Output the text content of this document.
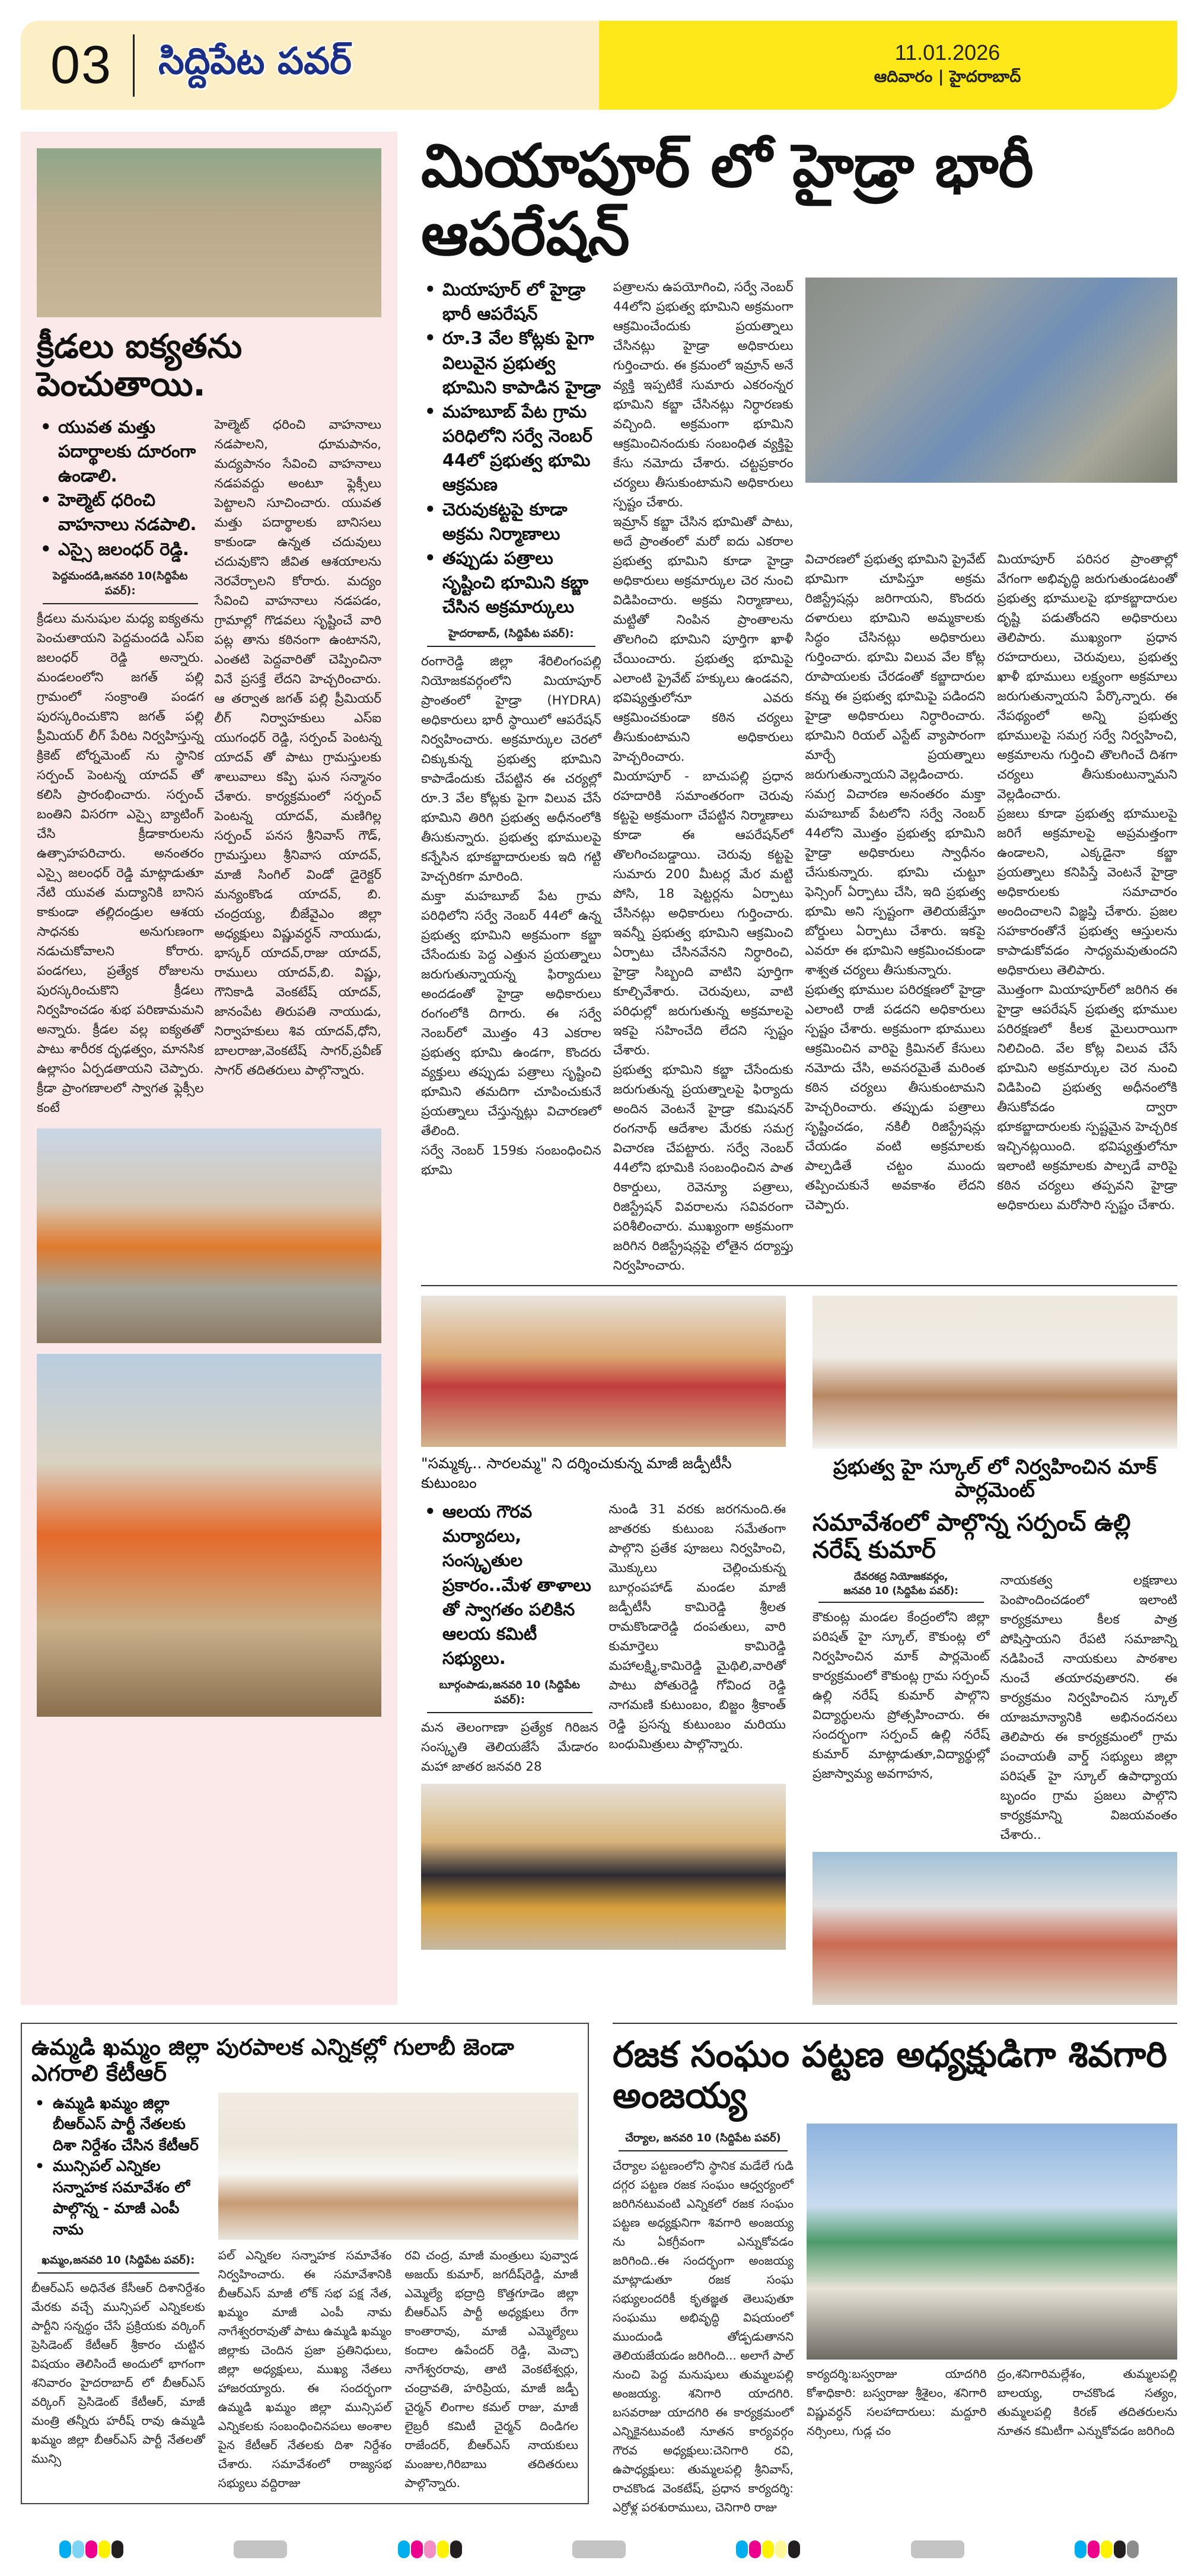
03 సిద్దిపేట పవర్	11.01.2026
ఆదివారం | హైదరాబాద్
క్రీడలు ఐక్యతను పెంచుతాయి.
• యువత మత్తు పదార్థాలకు దూరంగా ఉండాలి.
• హెల్మెట్ ధరించి వాహనాలు నడపాలి.
• ఎస్సై జలంధర్ రెడ్డి.
పెద్దమందడి,జనవరి 10(సిద్దిపేట పవర్):

క్రీడలు మనుషుల మధ్య ఐక్యతను పెంచుతాయని పెద్దమందడి ఎస్ఐ జలంధర్ రెడ్డి అన్నారు. మండలంలోని జగత్ పల్లి గ్రామంలో సంక్రాంతి పండగ పురస్కరించుకొని జగత్ పల్లి ప్రీమియర్ లీగ్ పేరిట నిర్వహిస్తున్న క్రికెట్ టోర్నమెంట్ ను స్థానిక సర్పంచ్ పెంటన్న యాదవ్ తో కలిసి ప్రారంభించారు. సర్పంచ్ బంతిని విసరగా ఎస్సై బ్యాటింగ్ చేసి క్రీడాకారులను ఉత్సాహపరిచారు. అనంతరం ఎస్సై జలంధర్ రెడ్డి మాట్లాడుతూ నేటి యువత మద్యానికి బానిస కాకుండా తల్లిదండ్రుల ఆశయ సాధనకు అనుగుణంగా నడుచుకోవాలని కోరారు. పండగలు, ప్రత్యేక రోజులను పురస్కరించుకొని క్రీడలు నిర్వహించడం శుభ పరిణామమని అన్నారు. క్రీడల వల్ల ఐక్యతతో పాటు శారీరక దృఢత్వం, మానసిక ఉల్లాసం ఏర్పడతాయని చెప్పారు. క్రీడా ప్రాంగణాలలో స్వాగత ఫ్లెక్సీల కంటే

హెల్మెట్ ధరించి వాహనాలు నడపాలని, ధూమపానం, మద్యపానం సేవించి వాహనాలు నడపవద్దు అంటూ ఫ్లెక్సీలు పెట్టాలని సూచించారు. యువత మత్తు పదార్థాలకు బానిసలు కాకుండా ఉన్నత చదువులు చదువుకొని జీవిత ఆశయాలను నెరవేర్చాలని కోరారు. మద్యం సేవించి వాహనాలు నడపడం, గ్రామాల్లో గొడవలు సృష్టించే వారి పట్ల తాను కఠినంగా ఉంటానని, ఎంతటి పెద్దవారితో చెప్పించినా వినే ప్రసక్తే లేదని హెచ్చరించారు. ఆ తర్వాత జగత్ పల్లి ప్రీమియర్ లీగ్ నిర్వాహకులు ఎస్ఐ యుగంధర్ రెడ్డి, సర్పంచ్ పెంటన్న యాదవ్ తో పాటు గ్రామస్తులకు శాలువాలు కప్పి ఘన సన్మానం చేశారు. కార్యక్రమంలో సర్పంచ్ పెంటన్న యాదవ్, మణిగిల్ల సర్పంచ్ పనస శ్రీనివాస్ గౌడ్, గ్రామస్తులు శ్రీనివాస యాదవ్, మాజీ సింగిల్ విండో డైరెక్టర్ మన్యంకొండ యాదవ్, బి. చంద్రయ్య, బీజేవైఎం జిల్లా అధ్యక్షులు విష్ణువర్ధన్ నాయుడు, భాస్కర్ యాదవ్,రాజు యాదవ్, రాములు యాదవ్,బి. విష్ణు, గౌనికాడి వెంకటేష్ యాదవ్, జానంపేట తిరుపతి నాయుడు, నిర్వాహకులు శివ యాదవ్,ధోని, బాలరాజు,వెంకటేష్ సాగర్,ప్రవీణ్ సాగర్ తదితరులు పాల్గొన్నారు.

మియాపూర్ లో హైడ్రా భారీ ఆపరేషన్
• మియాపూర్ లో హైడ్రా భారీ ఆపరేషన్
• రూ.3 వేల కోట్లకు పైగా విలువైన ప్రభుత్వ భూమిని కాపాడిన హైడ్రా
• మహబూబ్ పేట గ్రామ పరిధిలోని సర్వే నెంబర్ 44లో ప్రభుత్వ భూమి ఆక్రమణ
• చెరువుకట్టపై కూడా అక్రమ నిర్మాణాలు
• తప్పుడు పత్రాలు సృష్టించి భూమిని కబ్జా చేసిన అక్రమార్కులు
హైదరాబాద్, (సిద్దిపేట పవర్):

రంగారెడ్డి జిల్లా శేరిలింగంపల్లి నియోజకవర్గంలోని మియాపూర్ ప్రాంతంలో హైడ్రా (HYDRA) అధికారులు భారీ స్థాయిలో ఆపరేషన్ నిర్వహించారు. అక్రమార్కుల చెరలో చిక్కుకున్న ప్రభుత్వ భూమిని కాపాడేందుకు చేపట్టిన ఈ చర్యల్లో రూ.3 వేల కోట్లకు పైగా విలువ చేసే భూమిని తిరిగి ప్రభుత్వ అధీనంలోకి తీసుకున్నారు. ప్రభుత్వ భూములపై కన్నేసిన భూకబ్జాదారులకు ఇది గట్టి హెచ్చరికగా మారింది.
మక్తా మహబూబ్ పేట గ్రామ పరిధిలోని సర్వే నెంబర్ 44లో ఉన్న ప్రభుత్వ భూమిని అక్రమంగా కబ్జా చేసేందుకు పెద్ద ఎత్తున ప్రయత్నాలు జరుగుతున్నాయన్న ఫిర్యాదులు అందడంతో హైడ్రా అధికారులు రంగంలోకి దిగారు. ఈ సర్వే నెంబర్‌లో మొత్తం 43 ఎకరాల ప్రభుత్వ భూమి ఉండగా, కొందరు వ్యక్తులు తప్పుడు పత్రాలు సృష్టించి భూమిని తమదిగా చూపించుకునే ప్రయత్నాలు చేస్తున్నట్లు విచారణలో తేలింది.
సర్వే నెంబర్ 159కు సంబంధించిన భూమి

పత్రాలను ఉపయోగించి, సర్వే నెంబర్ 44లోని ప్రభుత్వ భూమిని అక్రమంగా ఆక్రమించేందుకు ప్రయత్నాలు చేసినట్లు హైడ్రా అధికారులు గుర్తించారు. ఈ క్రమంలో ఇమ్రాన్ అనే వ్యక్తి ఇప్పటికే సుమారు ఎకరంన్నర భూమిని కబ్జా చేసినట్లు నిర్ధారణకు వచ్చింది. అక్రమంగా భూమిని ఆక్రమించినందుకు సంబంధిత వ్యక్తిపై కేసు నమోదు చేశారు. చట్టప్రకారం చర్యలు తీసుకుంటామని అధికారులు స్పష్టం చేశారు.
ఇమ్రాన్ కబ్జా చేసిన భూమితో పాటు, అదే ప్రాంతంలో మరో ఐదు ఎకరాల ప్రభుత్వ భూమిని కూడా హైడ్రా అధికారులు అక్రమార్కుల చెర నుంచి విడిపించారు. అక్రమ నిర్మాణాలు, మట్టితో నింపిన ప్రాంతాలను తొలగించి భూమిని పూర్తిగా ఖాళీ చేయించారు. ప్రభుత్వ భూమిపై ఎలాంటి ప్రైవేట్ హక్కులు ఉండవని, భవిష్యత్తులోనూ ఎవరు ఆక్రమించకుండా కఠిన చర్యలు తీసుకుంటామని అధికారులు హెచ్చరించారు.
మియాపూర్ - బాచుపల్లి ప్రధాన రహదారికి సమాంతరంగా చెరువు కట్టపై అక్రమంగా చేపట్టిన నిర్మాణాలు కూడా ఈ ఆపరేషన్‌లో తొలగించబడ్డాయి. చెరువు కట్టపై సుమారు 200 మీటర్ల మేర మట్టి పోసి, 18 షెట్టర్లను ఏర్పాటు చేసినట్లు అధికారులు గుర్తించారు. ఇవన్నీ ప్రభుత్వ భూమిని ఆక్రమించి ఏర్పాటు చేసినవేనని నిర్ధారించి, హైడ్రా సిబ్బంది వాటిని పూర్తిగా కూల్చివేశారు. చెరువులు, వాటి పరిధుల్లో జరుగుతున్న అక్రమాలపై ఇకపై సహించేది లేదని స్పష్టం చేశారు.
ప్రభుత్వ భూమిని కబ్జా చేసేందుకు జరుగుతున్న ప్రయత్నాలపై ఫిర్యాదు అందిన వెంటనే హైడ్రా కమిషనర్ రంగనాథ్ ఆదేశాల మేరకు సమగ్ర విచారణ చేపట్టారు. సర్వే నెంబర్ 44లోని భూమికి సంబంధించిన పాత రికార్డులు, రెవెన్యూ పత్రాలు, రిజిస్ట్రేషన్ వివరాలను సవివరంగా పరిశీలించారు. ముఖ్యంగా అక్రమంగా జరిగిన రిజిస్ట్రేషన్లపై లోతైన దర్యాప్తు నిర్వహించారు.

విచారణలో ప్రభుత్వ భూమిని ప్రైవేట్ భూమిగా చూపిస్తూ అక్రమ రిజిస్ట్రేషన్లు జరిగాయని, కొందరు దళారులు భూమిని అమ్మకాలకు సిద్ధం చేసినట్లు అధికారులు గుర్తించారు. భూమి విలువ వేల కోట్ల రూపాయలకు చేరడంతో కబ్జాదారుల కన్ను ఈ ప్రభుత్వ భూమిపై పడిందని హైడ్రా అధికారులు నిర్ధారించారు. భూమిని రియల్ ఎస్టేట్ వ్యాపారంగా మార్చే ప్రయత్నాలు జరుగుతున్నాయని వెల్లడించారు.
సమగ్ర విచారణ అనంతరం మక్తా మహబూబ్ పేటలోని సర్వే నెంబర్ 44లోని మొత్తం ప్రభుత్వ భూమిని హైడ్రా అధికారులు స్వాధీనం చేసుకున్నారు. భూమి చుట్టూ ఫెన్సింగ్ ఏర్పాటు చేసి, ఇది ప్రభుత్వ భూమి అని స్పష్టంగా తెలియజేస్తూ బోర్డులు ఏర్పాటు చేశారు. ఇకపై ఎవరూ ఈ భూమిని ఆక్రమించకుండా శాశ్వత చర్యలు తీసుకున్నారు.
ప్రభుత్వ భూముల పరిరక్షణలో హైడ్రా ఎలాంటి రాజీ పడదని అధికారులు స్పష్టం చేశారు. అక్రమంగా భూములు ఆక్రమించిన వారిపై క్రిమినల్ కేసులు నమోదు చేసి, అవసరమైతే మరింత కఠిన చర్యలు తీసుకుంటామని హెచ్చరించారు. తప్పుడు పత్రాలు సృష్టించడం, నకిలీ రిజిస్ట్రేషన్లు చేయడం వంటి అక్రమాలకు పాల్పడితే చట్టం ముందు తప్పించుకునే అవకాశం లేదని చెప్పారు.

మియాపూర్ పరిసర ప్రాంతాల్లో వేగంగా అభివృద్ధి జరుగుతుండటంతో ప్రభుత్వ భూములపై భూకబ్జాదారుల దృష్టి పడుతోందని అధికారులు తెలిపారు. ముఖ్యంగా ప్రధాన రహదారులు, చెరువులు, ప్రభుత్వ ఖాళీ భూములు లక్ష్యంగా అక్రమాలు జరుగుతున్నాయని పేర్కొన్నారు. ఈ నేపథ్యంలో అన్ని ప్రభుత్వ భూములపై సమగ్ర సర్వే నిర్వహించి, అక్రమాలను గుర్తించి తొలగించే దిశగా చర్యలు తీసుకుంటున్నామని వెల్లడించారు.
ప్రజలు కూడా ప్రభుత్వ భూములపై జరిగే అక్రమాలపై అప్రమత్తంగా ఉండాలని, ఎక్కడైనా కబ్జా ప్రయత్నాలు కనిపిస్తే వెంటనే హైడ్రా అధికారులకు సమాచారం అందించాలని విజ్ఞప్తి చేశారు. ప్రజల సహకారంతోనే ప్రభుత్వ ఆస్తులను కాపాడుకోవడం సాధ్యమవుతుందని అధికారులు తెలిపారు.
మొత్తంగా మియాపూర్‌లో జరిగిన ఈ హైడ్రా ఆపరేషన్ ప్రభుత్వ భూముల పరిరక్షణలో కీలక మైలురాయిగా నిలిచింది. వేల కోట్ల విలువ చేసే భూమిని అక్రమార్కుల చెర నుంచి విడిపించి ప్రభుత్వ అధీనంలోకి తీసుకోవడం ద్వారా భూకబ్జాదారులకు స్పష్టమైన హెచ్చరిక ఇచ్చినట్లయింది. భవిష్యత్తులోనూ ఇలాంటి అక్రమాలకు పాల్పడే వారిపై కఠిన చర్యలు తప్పవని హైడ్రా అధికారులు మరోసారి స్పష్టం చేశారు.

"సమ్మక్క.. సారలమ్మ" ని దర్శించుకున్న మాజీ జడ్పీటీసీ కుటుంబం
• ఆలయ గౌరవ మర్యాదలు, సంస్కృతుల ప్రకారం..మేళ తాళాలు తో స్వాగతం పలికిన ఆలయ కమిటీ సభ్యులు.
బూర్గంపాడు,జనవరి 10 (సిద్దిపేట పవర్):

మన తెలంగాణా ప్రత్యేక గిరిజన సంస్కృతి తెలియజేసే మేడారం మహా జాతర జనవరి 28

నుండి 31 వరకు జరగనుంది.ఈ జాతరకు కుటుంబ సమేతంగా పాల్గొని ప్రతేక పూజలు నిర్వహించి, మొక్కులు చెల్లించుకున్న బూర్గంపహాడ్ మండల మాజీ జడ్పీటీసీ కామిరెడ్డి శ్రీలత రామకొండారెడ్డి దంపతులు, వారి కుమార్తెలు కామిరెడ్డి మహాలక్ష్మి,కామిరెడ్డి మైథిలి,వారితో పాటు పోతురెడ్డి గోవింద రెడ్డి నాగమణి కుటుంబం, బిజ్జం శ్రీకాంత్ రెడ్డి ప్రసన్న కుటుంబం మరియు బంధుమిత్రులు పాల్గొన్నారు.

ప్రభుత్వ హై స్కూల్ లో నిర్వహించిన మాక్ పార్లమెంట్
సమావేశంలో పాల్గొన్న సర్పంచ్ ఉల్లి నరేష్ కుమార్
దేవరకద్ర నియోజకవర్గం,
జనవరి 10 (సిద్దిపేట పవర్):

కౌకుంట్ల మండల కేంద్రంలోని జిల్లా పరిషత్ హై స్కూల్, కౌకుంట్ల లో నిర్వహించిన మాక్ పార్లమెంట్ కార్యక్రమంలో కౌకుంట్ల గ్రామ సర్పంచ్ ఉల్లి నరేష్ కుమార్ పాల్గొని విద్యార్థులను ప్రోత్సహించారు. ఈ సందర్భంగా సర్పంచ్ ఉల్లి నరేష్ కుమార్ మాట్లాడుతూ,విద్యార్థుల్లో ప్రజాస్వామ్య అవగాహన,

నాయకత్వ లక్షణాలు పెంపొందించడంలో ఇలాంటి కార్యక్రమాలు కీలక పాత్ర పోషిస్తాయని రేపటి సమాజాన్ని నడిపించే నాయకులు పాఠశాల నుంచే తయారవుతారని. ఈ కార్యక్రమం నిర్వహించిన స్కూల్ యాజమాన్యానికి అభినందనలు తెలిపారు ఈ కార్యక్రమంలో గ్రామ పంచాయతీ వార్డ్ సభ్యులు జిల్లా పరిషత్ హై స్కూల్ ఉపాధ్యాయ బృందం గ్రామ ప్రజలు పాల్గొని కార్యక్రమాన్ని విజయవంతం చేశారు..

ఉమ్మడి ఖమ్మం జిల్లా పురపాలక ఎన్నికల్లో గులాబీ జెండా ఎగరాలి కేటీఆర్
• ఉమ్మడి ఖమ్మం జిల్లా బీఆర్ఎస్ పార్టీ నేతలకు దిశా నిర్దేశం చేసిన కేటీఆర్
• మున్సిపల్ ఎన్నికల సన్నాహక సమావేశం లో పాల్గొన్న - మాజీ ఎంపీ నామ
ఖమ్మం,జనవరి 10 (సిద్దిపేట పవర్):

బీఆర్ఎస్ అధినేత కేసీఆర్ దిశానిర్దేశం మేరకు వచ్చే మున్సిపల్ ఎన్నికలకు పార్టీని సన్నద్ధం చేసే ప్రక్రియకు వర్కింగ్ ప్రెసిడెంట్ కేటీఆర్ శ్రీకారం చుట్టిన విషయం తెలిసిందే అందులో భాగంగా శనివారం హైదరాబాద్ లో బీఆర్ఎస్ వర్కింగ్ ప్రెసిడెంట్ కేటీఆర్, మాజీ మంత్రి తన్నీరు హరీష్ రావు ఉమ్మడి ఖమ్మం జిల్లా బీఆర్ఎస్ పార్టీ నేతలతో మున్సి

పల్ ఎన్నికల సన్నాహక సమావేశం నిర్వహించారు. ఈ సమావేశానికి బీఆర్ఎస్ మాజీ లోక్ సభ పక్ష నేత, ఖమ్మం మాజీ ఎంపీ నామ నాగేశ్వరరావుతో పాటు ఉమ్మడి ఖమ్మం జిల్లాకు చెందిన ప్రజా ప్రతినిధులు, జిల్లా అధ్యక్షులు, ముఖ్య నేతలు హాజరయ్యారు. ఈ సందర్భంగా ఉమ్మడి ఖమ్మం జిల్లా మున్సిపల్ ఎన్నికలకు సంబంధించినపలు అంశాల పైన కేటీఆర్ నేతలకు దిశా నిర్దేశం చేశారు. సమావేశంలో రాజ్యసభ సభ్యులు వద్దిరాజు

రవి చంద్ర, మాజీ మంత్రులు పువ్వాడ అజయ్ కుమార్, జగదీష్‌రెడ్డి, మాజీ ఎమ్మెల్యే భద్రాద్రి కొత్తగూడెం జిల్లా బీఆర్ఎస్ పార్టీ అధ్యక్షులు రేగా కాంతారావు, మాజీ ఎమ్మెల్యేలు కందాల ఉపేందర్ రెడ్డి, మెచ్చా నాగేశ్వరరావు, తాటి వెంకటేశ్వర్లు, చంద్రావతి, హరిప్రియ, మాజీ జడ్పీ చైర్మన్ లింగాల కమల్ రాజు, మాజీ లైబ్రరీ కమిటీ చైర్మన్ దిండిగల రాజేందర్, బీఆర్ఎస్ నాయకులు మంజుల,గిరిబాబు తదితరులు పాల్గొన్నారు.

రజక సంఘం పట్టణ అధ్యక్షుడిగా శివగారి అంజయ్య
చేర్యాల, జనవరి 10 (సిద్దిపేట పవర్)

చేర్యాల పట్టణంలోని స్థానిక మడేలే గుడి దగ్గర పట్టణ రజక సంఘం ఆధ్వర్యంలో జరిగినటువంటి ఎన్నికలో రజక సంఘం పట్టణ అధ్యక్షునిగా శివగారి అంజయ్య ను ఏకగ్రీవంగా ఎన్నుకోవడం జరిగింది..ఈ సందర్భంగా అంజయ్య మాట్లాడుతూ రజక సంఘ సభ్యులందరికీ కృతజ్ఞత తెలుపుతూ సంఘము అభివృద్ధి విషయంలో ముందుండి తోడ్పడుతానని తెలియజేయడం జరిగింది... అలాగే పాల్ నుంచి పెద్ద మనుషులు తుమ్మలపల్లి అంజయ్య. శనిగారి యాదగిరి. బసవరాజు యాదగిరి ఈ కార్యక్రమంలో ఎన్నికైనటువంటి నూతన కార్యవర్గం గౌరవ అధ్యక్షులు:చెనిగారి రవి, ఉపాధ్యక్షులు: తుమ్మలపల్లి శ్రీనివాస్, రాచకొండ వెంకటేష్, ప్రధాన కార్యదర్శి: ఎర్రోళ్ల పరశురాములు, చెనిగారి రాజు

కార్యదర్శి:బస్వరాజు యాదగిరి కోశాధికారి: బస్వరాజు శ్రీశైలం, శనిగారి విష్ణువర్ధన్ సలహాదారులు: మద్దూరి నర్సింలు, గుడ్ల చం

ద్రం,శనిగారిమల్లేశం, తుమ్మలపల్లి బాలయ్య, రాచకొండ సత్యం, తుమ్మలపల్లి కిరణ్ తదితరులను నూతన కమిటీగా ఎన్నుకోవడం జరిగింది
